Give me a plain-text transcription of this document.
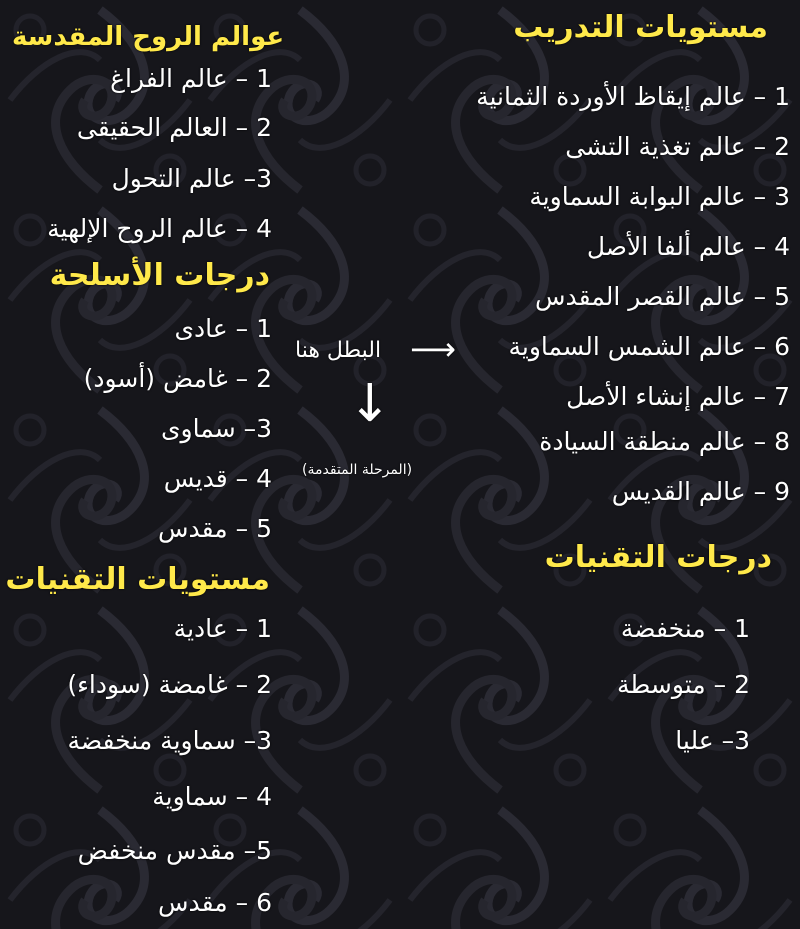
مستويات التدريب
1 – عالم إيقاظ الأوردة الثمانية
2 – عالم تغذية التشى
3 – عالم البوابة السماوية
4 – عالم ألفا الأصل
5 – عالم القصر المقدس
6 – عالم الشمس السماوية
7 – عالم إنشاء الأصل
8 – عالم منطقة السيادة
9 – عالم القديس
درجات التقنيات
1 – منخفضة
2 – متوسطة
3– عليا
البطل هنا ⟶
↓
(المرحلة المتقدمة)
عوالم الروح المقدسة
1 – عالم الفراغ
2 – العالم الحقيقى
3– عالم التحول
4 – عالم الروح الإلهية
درجات الأسلحة
1 – عادى
2 – غامض (أسود)
3– سماوى
4 – قديس
5 – مقدس
مستويات التقنيات
1 – عادية
2 – غامضة (سوداء)
3– سماوية منخفضة
4 – سماوية
5– مقدس منخفض
6 – مقدس
